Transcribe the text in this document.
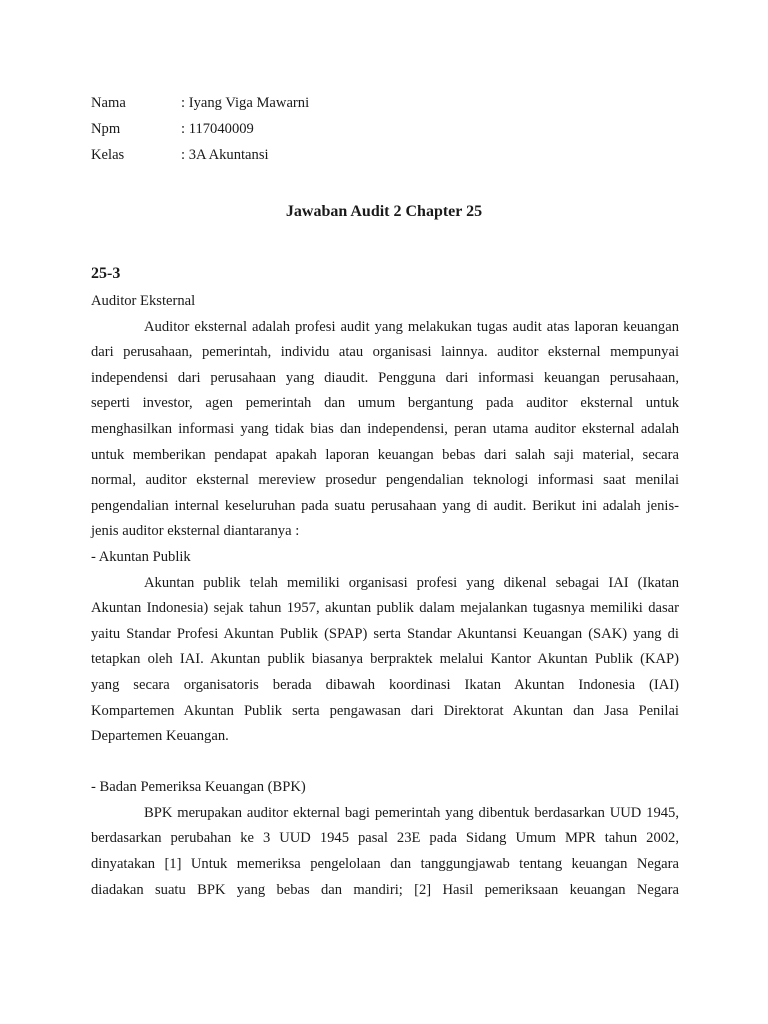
Nama	: Iyang Viga Mawarni
Npm	: 117040009
Kelas	: 3A Akuntansi
Jawaban Audit 2 Chapter 25
25-3
Auditor Eksternal
Auditor eksternal adalah profesi audit yang melakukan tugas audit atas laporan keuangan
dari perusahaan, pemerintah, individu atau organisasi lainnya. auditor eksternal mempunyai
independensi dari perusahaan yang diaudit. Pengguna dari informasi keuangan perusahaan,
seperti investor, agen pemerintah dan umum bergantung pada auditor eksternal untuk
menghasilkan informasi yang tidak bias dan independensi, peran utama auditor eksternal adalah
untuk memberikan pendapat apakah laporan keuangan bebas dari salah saji material, secara
normal, auditor eksternal mereview prosedur pengendalian teknologi informasi saat menilai
pengendalian internal keseluruhan pada suatu perusahaan yang di audit. Berikut ini adalah jenis-
jenis auditor eksternal diantaranya :
- Akuntan Publik
Akuntan publik telah memiliki organisasi profesi yang dikenal sebagai IAI (Ikatan
Akuntan Indonesia) sejak tahun 1957, akuntan publik dalam mejalankan tugasnya memiliki dasar
yaitu Standar Profesi Akuntan Publik (SPAP) serta Standar Akuntansi Keuangan (SAK) yang di
tetapkan oleh IAI. Akuntan publik biasanya berpraktek melalui Kantor Akuntan Publik (KAP)
yang secara organisatoris berada dibawah koordinasi Ikatan Akuntan Indonesia (IAI)
Kompartemen Akuntan Publik serta pengawasan dari Direktorat Akuntan dan Jasa Penilai
Departemen Keuangan.
- Badan Pemeriksa Keuangan (BPK)
BPK merupakan auditor ekternal bagi pemerintah yang dibentuk berdasarkan UUD 1945,
berdasarkan perubahan ke 3 UUD 1945 pasal 23E pada Sidang Umum MPR tahun 2002,
dinyatakan [1] Untuk memeriksa pengelolaan dan tanggungjawab tentang keuangan Negara
diadakan suatu BPK yang bebas dan mandiri; [2] Hasil pemeriksaan keuangan Negara
